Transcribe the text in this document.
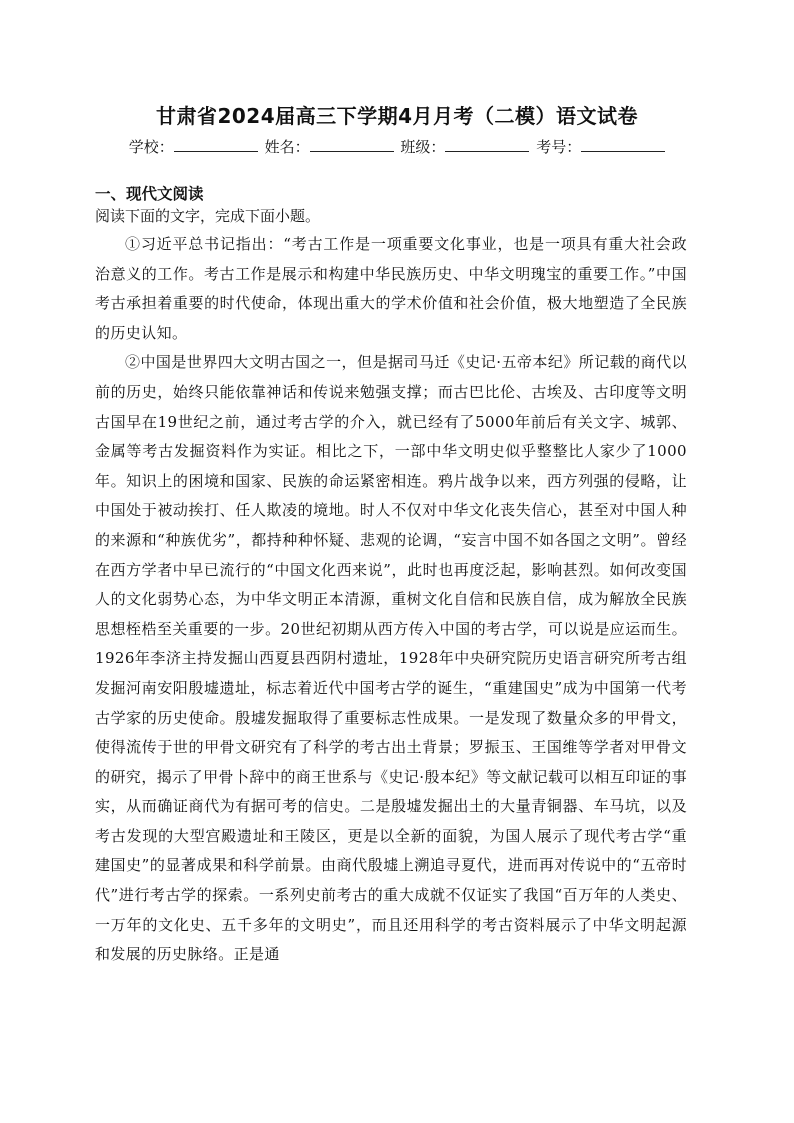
甘肃省2024届高三下学期4月月考（二模）语文试卷
学校：	姓名：	班级：	考号：
一、现代文阅读
阅读下面的文字，完成下面小题。

①习近平总书记指出：“考古工作是一项重要文化事业，也是一项具有重大社会政治意义的工作。考古工作是展示和构建中华民族历史、中华文明瑰宝的重要工作。”中国考古承担着重要的时代使命，体现出重大的学术价值和社会价值，极大地塑造了全民族的历史认知。

②中国是世界四大文明古国之一，但是据司马迁《史记·五帝本纪》所记载的商代以前的历史，始终只能依靠神话和传说来勉强支撑；而古巴比伦、古埃及、古印度等文明古国早在19世纪之前，通过考古学的介入，就已经有了5000年前后有关文字、城郭、金属等考古发掘资料作为实证。相比之下，一部中华文明史似乎整整比人家少了1000年。知识上的困境和国家、民族的命运紧密相连。鸦片战争以来，西方列强的侵略，让中国处于被动挨打、任人欺凌的境地。时人不仅对中华文化丧失信心，甚至对中国人种的来源和“种族优劣”，都持种种怀疑、悲观的论调，“妄言中国不如各国之文明”。曾经在西方学者中早已流行的“中国文化西来说”，此时也再度泛起，影响甚烈。如何改变国人的文化弱势心态，为中华文明正本清源，重树文化自信和民族自信，成为解放全民族思想桎梏至关重要的一步。20世纪初期从西方传入中国的考古学，可以说是应运而生。1926年李济主持发掘山西夏县西阴村遗址，1928年中央研究院历史语言研究所考古组发掘河南安阳殷墟遗址，标志着近代中国考古学的诞生，“重建国史”成为中国第一代考古学家的历史使命。殷墟发掘取得了重要标志性成果。一是发现了数量众多的甲骨文，使得流传于世的甲骨文研究有了科学的考古出土背景；罗振玉、王国维等学者对甲骨文的研究，揭示了甲骨卜辞中的商王世系与《史记·殷本纪》等文献记载可以相互印证的事实，从而确证商代为有据可考的信史。二是殷墟发掘出土的大量青铜器、车马坑，以及考古发现的大型宫殿遗址和王陵区，更是以全新的面貌，为国人展示了现代考古学“重建国史”的显著成果和科学前景。由商代殷墟上溯追寻夏代，进而再对传说中的“五帝时代”进行考古学的探索。一系列史前考古的重大成就不仅证实了我国“百万年的人类史、一万年的文化史、五千多年的文明史”，而且还用科学的考古资料展示了中华文明起源和发展的历史脉络。正是通
